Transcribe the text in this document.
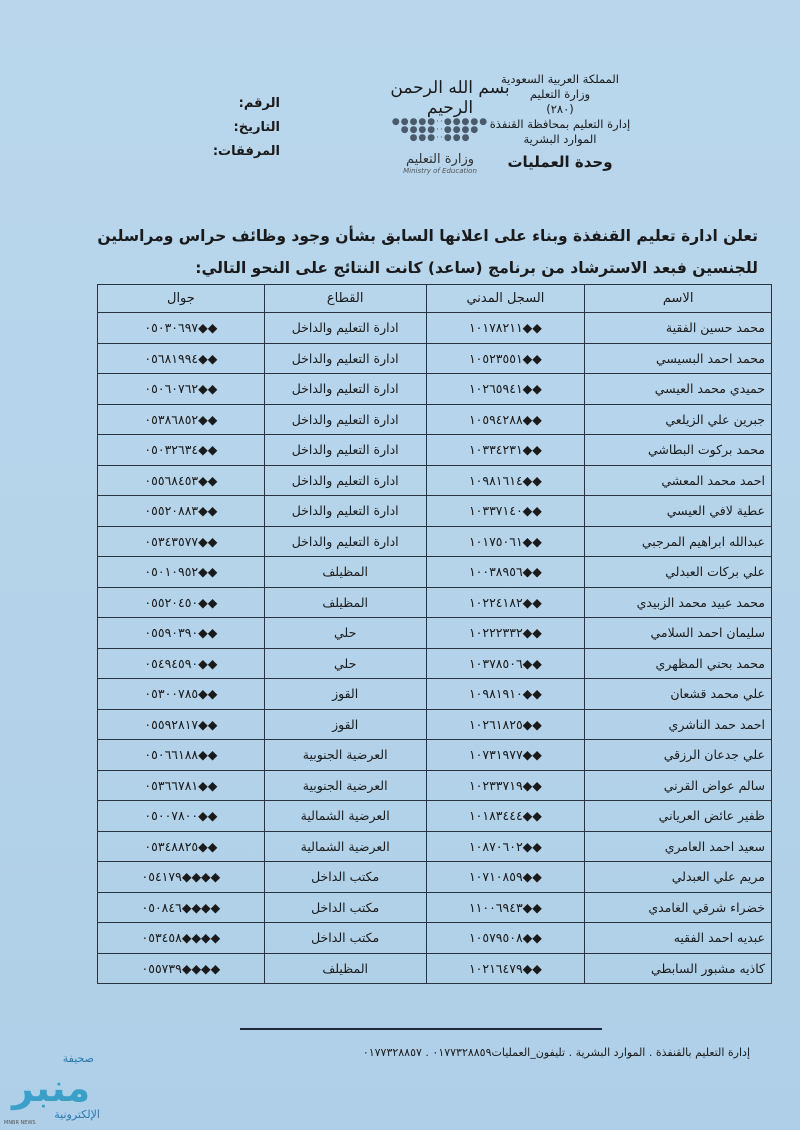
المملكة العربية السعودية
وزارة التعليم
(٢٨٠)
إدارة التعليم بمحافظة القنفذة
الموارد البشرية
وحدة العمليات
بسم الله الرحمن الرحيم
●●●●●··●●●●●
●●●●··●●●●
●●●··●●●
وزارة التعليم
Ministry of Education
الرقم:
التاريخ:
المرفقات:
تعلن ادارة تعليم القنفذة وبناء على اعلانها السابق بشأن وجود وظائف حراس ومراسلين
للجنسين فبعد الاسترشاد من برنامج (ساعد) كانت النتائج على النحو التالي:
الاسم	السجل المدني	القطاع	جوال
محمد حسين الفقية	١٠١٧٨٢١١◆◆	ادارة التعليم والداخل	٠٥٠٣٠٦٩٧◆◆
محمد احمد البسيسي	١٠٥٢٣٥٥١◆◆	ادارة التعليم والداخل	٠٥٦٨١٩٩٤◆◆
حميدي محمد العيسي	١٠٢٦٥٩٤١◆◆	ادارة التعليم والداخل	٠٥٠٦٠٧٦٢◆◆
جبرين علي الزيلعي	١٠٥٩٤٢٨٨◆◆	ادارة التعليم والداخل	٠٥٣٨٦٨٥٢◆◆
محمد بركوت البطاشي	١٠٣٣٤٢٣١◆◆	ادارة التعليم والداخل	٠٥٠٣٢٦٣٤◆◆
احمد محمد المعشي	١٠٩٨١٦١٤◆◆	ادارة التعليم والداخل	٠٥٥٦٨٤٥٣◆◆
عطية لافي العيسي	١٠٣٣٧١٤٠◆◆	ادارة التعليم والداخل	٠٥٥٢٠٨٨٣◆◆
عبدالله ابراهيم المرجبي	١٠١٧٥٠٦١◆◆	ادارة التعليم والداخل	٠٥٣٤٣٥٧٧◆◆
علي بركات العبدلي	١٠٠٣٨٩٥٦◆◆	المظيلف	٠٥٠١٠٩٥٢◆◆
محمد عبيد محمد الزبيدي	١٠٢٢٤١٨٢◆◆	المظيلف	٠٥٥٢٠٤٥٠◆◆
سليمان احمد السلامي	١٠٢٢٢٣٣٢◆◆	حلي	٠٥٥٩٠٣٩٠◆◆
محمد بحني المظهري	١٠٣٧٨٥٠٦◆◆	حلي	٠٥٤٩٤٥٩٠◆◆
علي محمد قشعان	١٠٩٨١٩١٠◆◆	القوز	٠٥٣٠٠٧٨٥◆◆
احمد حمد الناشري	١٠٢٦١٨٢٥◆◆	القوز	٠٥٥٩٢٨١٧◆◆
علي جدعان الرزقي	١٠٧٣١٩٧٧◆◆	العرضية الجنوبية	٠٥٠٦٦١٨٨◆◆
سالم عواض القرني	١٠٢٣٣٧١٩◆◆	العرضية الجنوبية	٠٥٣٦٦٧٨١◆◆
ظفير عائض العرياني	١٠١٨٣٤٤٤◆◆	العرضية الشمالية	٠٥٠٠٧٨٠٠◆◆
سعيد احمد العامري	١٠٨٧٠٦٠٢◆◆	العرضية الشمالية	٠٥٣٤٨٨٢٥◆◆
مريم علي العبدلي	١٠٧١٠٨٥٩◆◆	مكتب الداخل	٠٥٤١٧٩◆◆◆◆
خضراء شرقي الغامدي	١١٠٠٦٩٤٣◆◆	مكتب الداخل	٠٥٠٨٤٦◆◆◆◆
عبديه احمد الفقيه	١٠٥٧٩٥٠٨◆◆	مكتب الداخل	٠٥٣٤٥٨◆◆◆◆
كاذيه مشبور السابطي	١٠٢١٦٤٧٩◆◆	المظيلف	٠٥٥٧٣٩◆◆◆◆
إدارة التعليم بالقنفذة . الموارد البشرية . تليفون_العمليات٠١٧٧٣٢٨٨٥٩ . ٠١٧٧٣٢٨٨٥٧
صحيفة
منبر
الإلكترونية
MNBR NEWS
